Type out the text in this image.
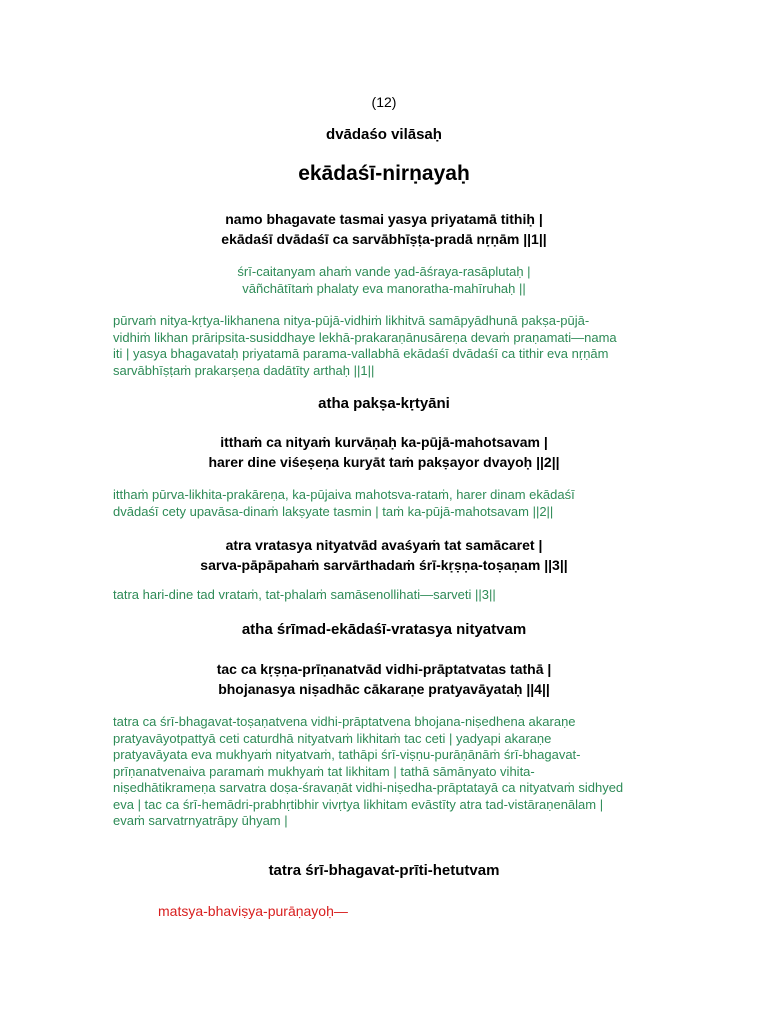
(12)
dvādaśo vilāsaḥ
ekādaśī-nirṇayaḥ
namo bhagavate tasmai yasya priyatamā tithiḥ |
ekādaśī dvādaśī ca sarvābhīṣṭa-pradā nṛṇām ||1||
śrī-caitanyam ahaṁ vande yad-āśraya-rasāplutaḥ |
vāñchātītaṁ phalaty eva manoratha-mahīruhaḥ ||
pūrvaṁ nitya-kṛtya-likhanena nitya-pūjā-vidhiṁ likhitvā samāpyādhunā pakṣa-pūjā-
vidhiṁ likhan prāripsita-susiddhaye lekhā-prakaraṇānusāreṇa devaṁ praṇamati—nama
iti | yasya bhagavataḥ priyatamā parama-vallabhā ekādaśī dvādaśī ca tithir eva nṛṇām
sarvābhīṣṭaṁ prakarṣeṇa dadātīty arthaḥ ||1||
atha pakṣa-kṛtyāni
itthaṁ ca nityaṁ kurvāṇaḥ ka-pūjā-mahotsavam |
harer dine viśeṣeṇa kuryāt taṁ pakṣayor dvayoḥ ||2||
itthaṁ pūrva-likhita-prakāreṇa, ka-pūjaiva mahotsva-rataṁ, harer dinam ekādaśī
dvādaśī cety upavāsa-dinaṁ lakṣyate tasmin | taṁ ka-pūjā-mahotsavam ||2||
atra vratasya nityatvād avaśyaṁ tat samācaret |
sarva-pāpāpahaṁ sarvārthadaṁ śrī-kṛṣṇa-toṣaṇam ||3||
tatra hari-dine tad vrataṁ, tat-phalaṁ samāsenollihati—sarveti ||3||
atha śrīmad-ekādaśī-vratasya nityatvam
tac ca kṛṣṇa-prīṇanatvād vidhi-prāptatvatas tathā |
bhojanasya niṣadhāc cākaraṇe pratyavāyataḥ ||4||
tatra ca śrī-bhagavat-toṣaṇatvena vidhi-prāptatvena bhojana-niṣedhena akaraṇe
pratyavāyotpattyā ceti caturdhā nityatvaṁ likhitaṁ tac ceti | yadyapi akaraṇe
pratyavāyata eva mukhyaṁ nityatvaṁ, tathāpi śrī-viṣṇu-purāṇānāṁ śrī-bhagavat-
prīṇanatvenaiva paramaṁ mukhyaṁ tat likhitam | tathā sāmānyato vihita-
niṣedhātikrameṇa sarvatra doṣa-śravaṇāt vidhi-niṣedha-prāptatayā ca nityatvaṁ sidhyed
eva | tac ca śrī-hemādri-prabhṛtibhir vivṛtya likhitam evāstīty atra tad-vistāraṇenālam |
evaṁ sarvatrnyatrāpy ūhyam |
tatra śrī-bhagavat-prīti-hetutvam
matsya-bhaviṣya-purāṇayoḥ—
